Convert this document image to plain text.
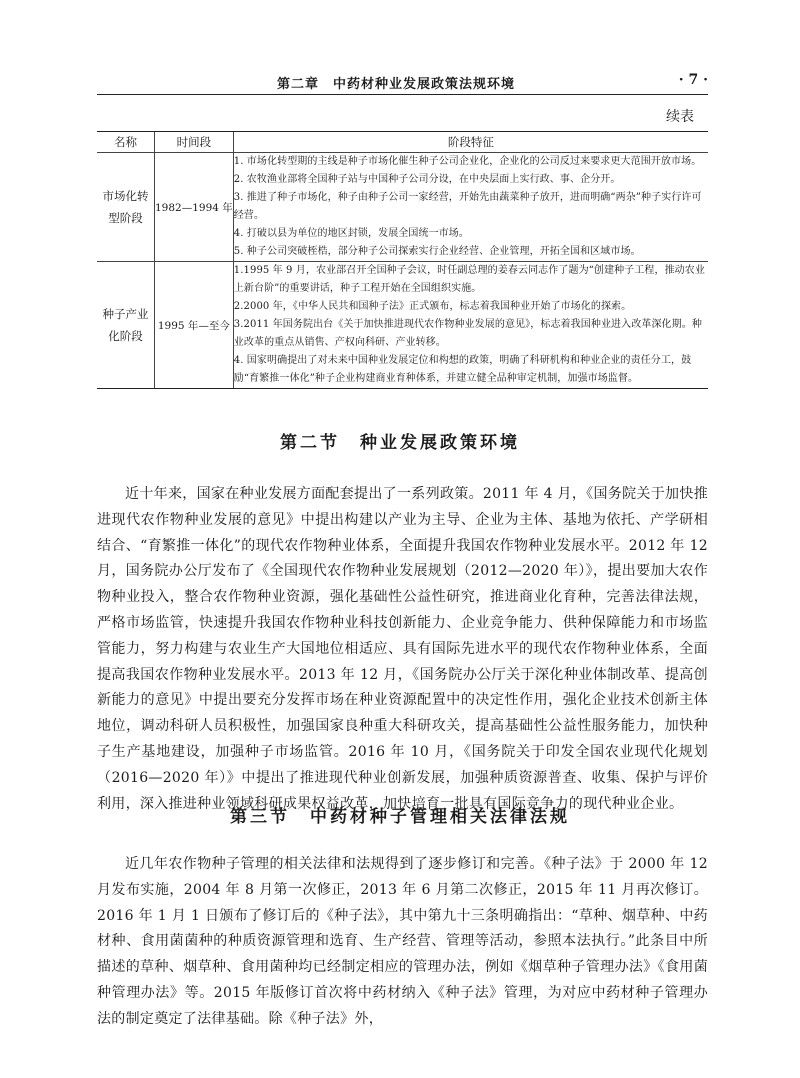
第二章　中药材种业发展政策法规环境	· 7 ·
续表
名称	时间段	阶段特征
市场化转型阶段	1982—1994 年	1. 市场化转型期的主线是种子市场化催生种子公司企业化，企业化的公司反过来要求更大范围开放市场。
2. 农牧渔业部将全国种子站与中国种子公司分设，在中央层面上实行政、事、企分开。
3. 推进了种子市场化，种子由种子公司一家经营，开始先由蔬菜种子放开，进而明确“两杂”种子实行许可经营。
4. 打破以县为单位的地区封锁，发展全国统一市场。
5. 种子公司突破桎梏，部分种子公司探索实行企业经营、企业管理，开拓全国和区域市场。

种子产业化阶段	1995 年—至今	1.1995 年 9 月，农业部召开全国种子会议，时任副总理的姜春云同志作了题为“创建种子工程，推动农业上新台阶”的重要讲话，种子工程开始在全国组织实施。
2.2000 年，《中华人民共和国种子法》正式颁布，标志着我国种业开始了市场化的探索。
3.2011 年国务院出台《关于加快推进现代农作物种业发展的意见》，标志着我国种业进入改革深化期。种业改革的重点从销售、产权向科研、产业转移。
4. 国家明确提出了对未来中国种业发展定位和构想的政策，明确了科研机构和种业企业的责任分工，鼓励“育繁推一体化”种子企业构建商业育种体系，并建立健全品种审定机制，加强市场监督。
第二节　种业发展政策环境
近十年来，国家在种业发展方面配套提出了一系列政策。2011 年 4 月，《国务院关于加快推进现代农作物种业发展的意见》中提出构建以产业为主导、企业为主体、基地为依托、产学研相结合、“育繁推一体化”的现代农作物种业体系，全面提升我国农作物种业发展水平。2012 年 12 月，国务院办公厅发布了《全国现代农作物种业发展规划（2012—2020 年）》，提出要加大农作物种业投入，整合农作物种业资源，强化基础性公益性研究，推进商业化育种，完善法律法规，严格市场监管，快速提升我国农作物种业科技创新能力、企业竞争能力、供种保障能力和市场监管能力，努力构建与农业生产大国地位相适应、具有国际先进水平的现代农作物种业体系，全面提高我国农作物种业发展水平。2013 年 12 月，《国务院办公厅关于深化种业体制改革、提高创新能力的意见》中提出要充分发挥市场在种业资源配置中的决定性作用，强化企业技术创新主体地位，调动科研人员积极性，加强国家良种重大科研攻关，提高基础性公益性服务能力，加快种子生产基地建设，加强种子市场监管。2016 年 10 月，《国务院关于印发全国农业现代化规划（2016—2020 年）》中提出了推进现代种业创新发展，加强种质资源普查、收集、保护与评价利用，深入推进种业领域科研成果权益改革，加快培育一批具有国际竞争力的现代种业企业。
第三节　中药材种子管理相关法律法规
近几年农作物种子管理的相关法律和法规得到了逐步修订和完善。《种子法》于 2000 年 12 月发布实施，2004 年 8 月第一次修正，2013 年 6 月第二次修正，2015 年 11 月再次修订。2016 年 1 月 1 日颁布了修订后的《种子法》，其中第九十三条明确指出：“草种、烟草种、中药材种、食用菌菌种的种质资源管理和选育、生产经营、管理等活动，参照本法执行。”此条目中所描述的草种、烟草种、食用菌种均已经制定相应的管理办法，例如《烟草种子管理办法》《食用菌种管理办法》等。2015 年版修订首次将中药材纳入《种子法》管理，为对应中药材种子管理办法的制定奠定了法律基础。除《种子法》外，
